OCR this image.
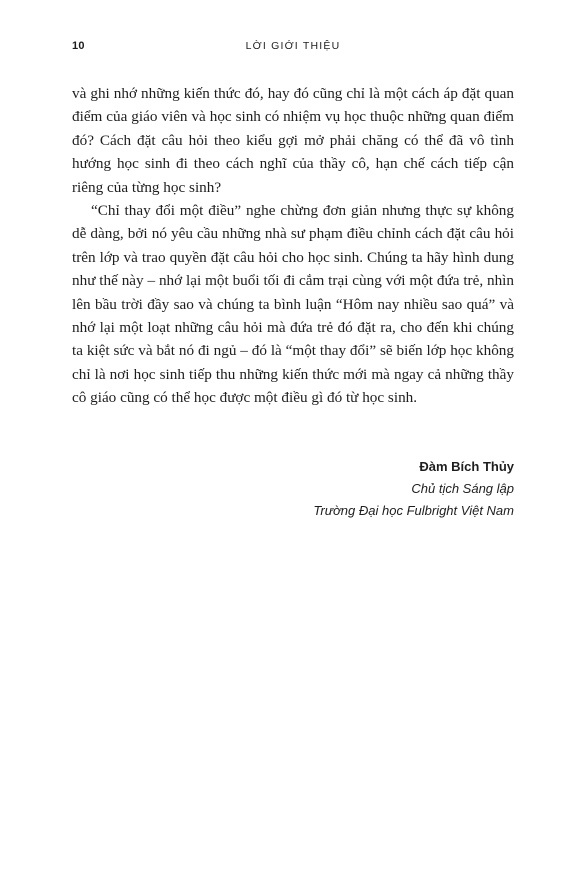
10	LỜI GIỚI THIỆU

và ghi nhớ những kiến thức đó, hay đó cũng chỉ là một cách áp đặt quan điểm của giáo viên và học sinh có nhiệm vụ học thuộc những quan điểm đó? Cách đặt câu hỏi theo kiểu gợi mở phải chăng có thể đã vô tình hướng học sinh đi theo cách nghĩ của thầy cô, hạn chế cách tiếp cận riêng của từng học sinh?

“Chỉ thay đổi một điều” nghe chừng đơn giản nhưng thực sự không dễ dàng, bởi nó yêu cầu những nhà sư phạm điều chỉnh cách đặt câu hỏi trên lớp và trao quyền đặt câu hỏi cho học sinh. Chúng ta hãy hình dung như thế này – nhớ lại một buổi tối đi cắm trại cùng với một đứa trẻ, nhìn lên bầu trời đầy sao và chúng ta bình luận “Hôm nay nhiều sao quá” và nhớ lại một loạt những câu hỏi mà đứa trẻ đó đặt ra, cho đến khi chúng ta kiệt sức và bắt nó đi ngủ – đó là “một thay đổi” sẽ biến lớp học không chỉ là nơi học sinh tiếp thu những kiến thức mới mà ngay cả những thầy cô giáo cũng có thể học được một điều gì đó từ học sinh.

Đàm Bích Thủy
Chủ tịch Sáng lập
Trường Đại học Fulbright Việt Nam
